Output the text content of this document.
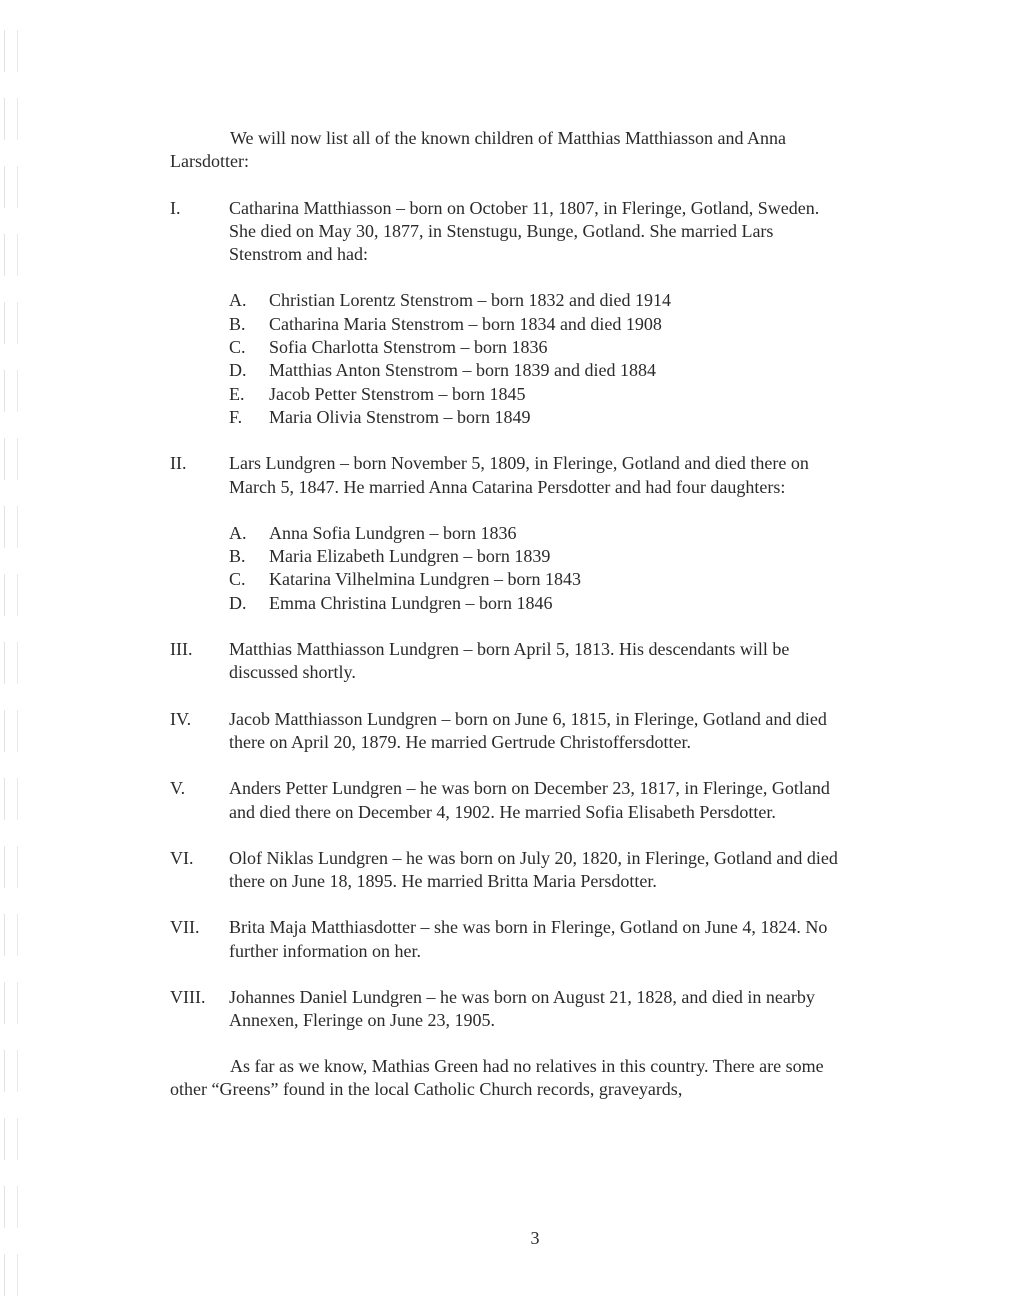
We will now list all of the known children of Matthias Matthiasson and Anna Larsdotter:

I.	Catharina Matthiasson – born on October 11, 1807, in Fleringe, Gotland, Sweden. She died on May 30, 1877, in Stenstugu, Bunge, Gotland. She married Lars Stenstrom and had:

A. Christian Lorentz Stenstrom – born 1832 and died 1914

B. Catharina Maria Stenstrom – born 1834 and died 1908

C. Sofia Charlotta Stenstrom – born 1836

D. Matthias Anton Stenstrom – born 1839 and died 1884

E. Jacob Petter Stenstrom – born 1845

F. Maria Olivia Stenstrom – born 1849

II. Lars Lundgren – born November 5, 1809, in Fleringe, Gotland and died there on March 5, 1847. He married Anna Catarina Persdotter and had four daughters:

A. Anna Sofia Lundgren – born 1836

B. Maria Elizabeth Lundgren – born 1839

C. Katarina Vilhelmina Lundgren – born 1843

D. Emma Christina Lundgren – born 1846

III. Matthias Matthiasson Lundgren – born April 5, 1813. His descendants will be discussed shortly.

IV. Jacob Matthiasson Lundgren – born on June 6, 1815, in Fleringe, Gotland and died there on April 20, 1879. He married Gertrude Christoffersdotter.

V. Anders Petter Lundgren – he was born on December 23, 1817, in Fleringe, Gotland and died there on December 4, 1902. He married Sofia Elisabeth Persdotter.

VI. Olof Niklas Lundgren – he was born on July 20, 1820, in Fleringe, Gotland and died there on June 18, 1895. He married Britta Maria Persdotter.

VII. Brita Maja Matthiasdotter – she was born in Fleringe, Gotland on June 4, 1824. No further information on her.

VIII. Johannes Daniel Lundgren – he was born on August 21, 1828, and died in nearby Annexen, Fleringe on June 23, 1905.

As far as we know, Mathias Green had no relatives in this country. There are some other “Greens” found in the local Catholic Church records, graveyards,

3
